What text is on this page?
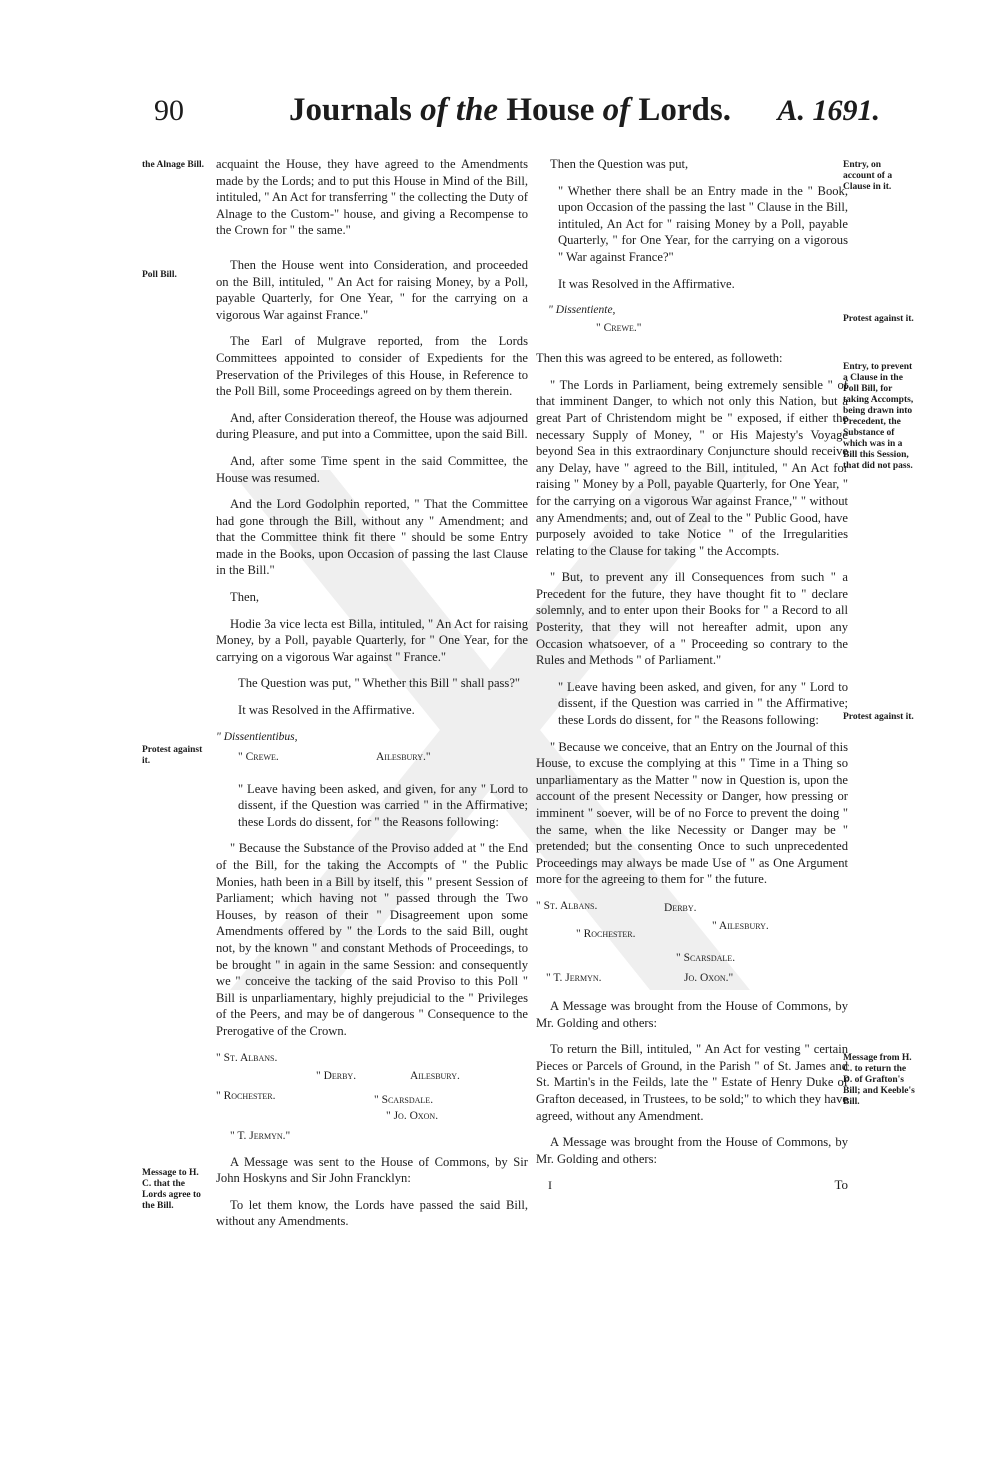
90	Journals of the House of Lords.	A. 1691.
the Alnage Bill.
Poll Bill.
Protest against it.
Message to H. C. that the Lords agree to the Bill.
Entry, on account of a Clause in it.
Protest against it.
Entry, to prevent a Clause in the Poll Bill, for taking Accompts, being drawn into Precedent, the Substance of which was in a Bill this Session, that did not pass.
Protest against it.
Message from H. C. to return the D. of Grafton's Bill; and Keeble's Bill.

acquaint the House, they have agreed to the Amendments made by the Lords; and to put this House in Mind of the Bill, intituled, " An Act for transferring " the collecting the Duty of Alnage to the Custom-" house, and giving a Recompense to the Crown for " the same."

Then the House went into Consideration, and proceeded on the Bill, intituled, " An Act for raising Money, by a Poll, payable Quarterly, for One Year, " for the carrying on a vigorous War against France."

The Earl of Mulgrave reported, from the Lords Committees appointed to consider of Expedients for the Preservation of the Privileges of this House, in Reference to the Poll Bill, some Proceedings agreed on by them therein.

And, after Consideration thereof, the House was adjourned during Pleasure, and put into a Committee, upon the said Bill.

And, after some Time spent in the said Committee, the House was resumed.

And the Lord Godolphin reported, " That the Committee had gone through the Bill, without any " Amendment; and that the Committee think fit there " should be some Entry made in the Books, upon Occasion of passing the last Clause in the Bill."

Then,

Hodie 3a vice lecta est Billa, intituled, " An Act for raising Money, by a Poll, payable Quarterly, for " One Year, for the carrying on a vigorous War against " France."

The Question was put, " Whether this Bill " shall pass?"

It was Resolved in the Affirmative.

" Dissentientibus,
" Crewe.	Ailesbury."

" Leave having been asked, and given, for any " Lord to dissent, if the Question was carried " in the Affirmative; these Lords do dissent, for " the Reasons following:

" Because the Substance of the Proviso added at " the End of the Bill, for the taking the Accompts of " the Public Monies, hath been in a Bill by itself, this " present Session of Parliament; which having not " passed through the Two Houses, by reason of their " Disagreement upon some Amendments offered by " the Lords to the said Bill, ought not, by the known " and constant Methods of Proceedings, to be brought " in again in the same Session: and consequently we " conceive the tacking of the said Proviso to this Poll " Bill is unparliamentary, highly prejudicial to the " Privileges of the Peers, and may be of dangerous " Consequence to the Prerogative of the Crown.

" St. Albans.
" Derby.	Ailesbury.
" Rochester.	" Scarsdale.
" Jo. Oxon.
" T. Jermyn."

A Message was sent to the House of Commons, by Sir John Hoskyns and Sir John Francklyn:

To let them know, the Lords have passed the said Bill, without any Amendments.

Then the Question was put,

" Whether there shall be an Entry made in the " Book, upon Occasion of the passing the last " Clause in the Bill, intituled, An Act for " raising Money by a Poll, payable Quarterly, " for One Year, for the carrying on a vigorous " War against France?"

It was Resolved in the Affirmative.

" Dissentiente,
" Crewe."

Then this was agreed to be entered, as followeth:

" The Lords in Parliament, being extremely sensible " of that imminent Danger, to which not only this Nation, but a great Part of Christendom might be " exposed, if either the necessary Supply of Money, " or His Majesty's Voyage beyond Sea in this extraordinary Conjuncture should receive any Delay, have " agreed to the Bill, intituled, " An Act for raising " Money by a Poll, payable Quarterly, for One Year, " for the carrying on a vigorous War against France," " without any Amendments; and, out of Zeal to the " Public Good, have purposely avoided to take Notice " of the Irregularities relating to the Clause for taking " the Accompts.

" But, to prevent any ill Consequences from such " a Precedent for the future, they have thought fit to " declare solemnly, and to enter upon their Books for " a Record to all Posterity, that they will not hereafter admit, upon any Occasion whatsoever, of a " Proceeding so contrary to the Rules and Methods " of Parliament."

" Leave having been asked, and given, for any " Lord to dissent, if the Question was carried in " the Affirmative; these Lords do dissent, for " the Reasons following:

" Because we conceive, that an Entry on the Journal of this House, to excuse the complying at this " Time in a Thing so unparliamentary as the Matter " now in Question is, upon the account of the present Necessity or Danger, how pressing or imminent " soever, will be of no Force to prevent the doing " the same, when the like Necessity or Danger may be " pretended; but the consenting Once to such unprecedented Proceedings may always be made Use of " as One Argument more for the agreeing to them for " the future.

" St. Albans.	Derby.
" Ailesbury.
" Rochester.
" Scarsdale.
" T. Jermyn.	Jo. Oxon."

A Message was brought from the House of Commons, by Mr. Golding and others:

To return the Bill, intituled, " An Act for vesting " certain Pieces or Parcels of Ground, in the Parish " of St. James and St. Martin's in the Feilds, late the " Estate of Henry Duke of Grafton deceased, in Trustees, to be sold;" to which they have agreed, without any Amendment.

A Message was brought from the House of Commons, by Mr. Golding and others:

I	To
